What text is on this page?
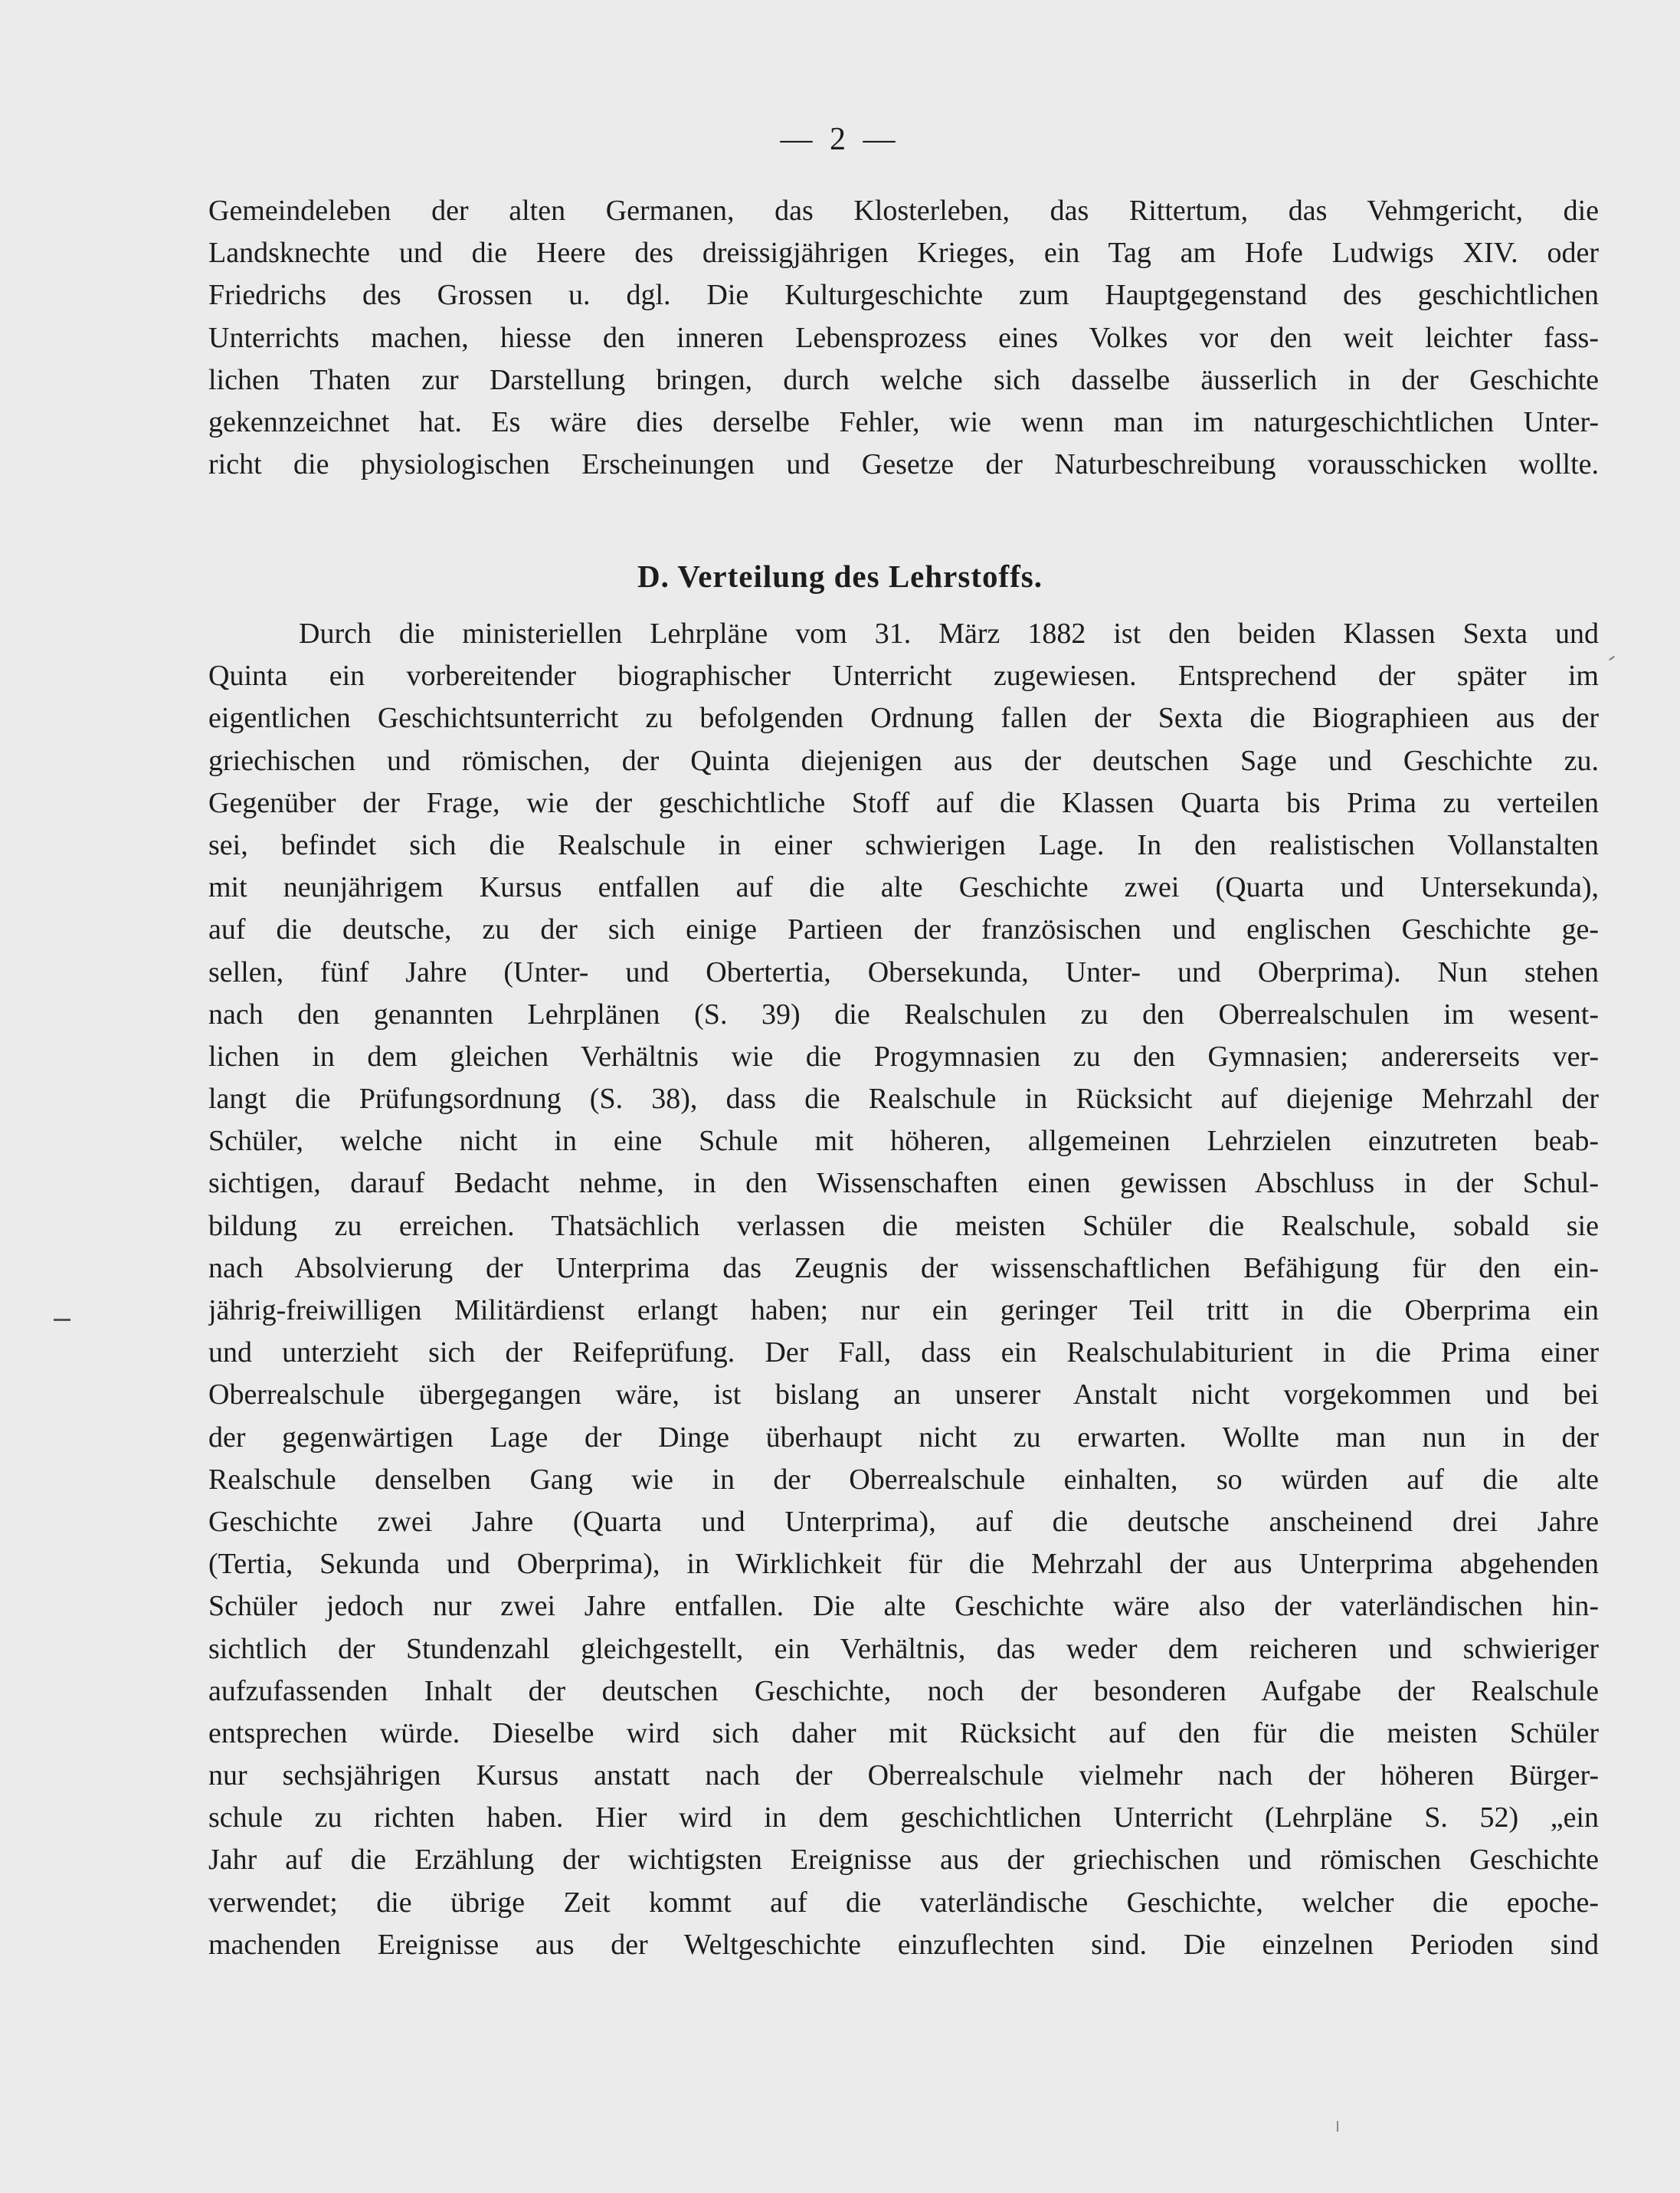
— 2 —
Gemeindeleben der alten Germanen, das Klosterleben, das Rittertum, das Vehmgericht, die
Landsknechte und die Heere des dreissigjährigen Krieges, ein Tag am Hofe Ludwigs XIV. oder
Friedrichs des Grossen u. dgl. Die Kulturgeschichte zum Hauptgegenstand des geschichtlichen
Unterrichts machen, hiesse den inneren Lebensprozess eines Volkes vor den weit leichter fass-
lichen Thaten zur Darstellung bringen, durch welche sich dasselbe äusserlich in der Geschichte
gekennzeichnet hat. Es wäre dies derselbe Fehler, wie wenn man im naturgeschichtlichen Unter-
richt die physiologischen Erscheinungen und Gesetze der Naturbeschreibung vorausschicken wollte.
D. Verteilung des Lehrstoffs.
Durch die ministeriellen Lehrpläne vom 31. März 1882 ist den beiden Klassen Sexta und
Quinta ein vorbereitender biographischer Unterricht zugewiesen. Entsprechend der später im
eigentlichen Geschichtsunterricht zu befolgenden Ordnung fallen der Sexta die Biographieen aus der
griechischen und römischen, der Quinta diejenigen aus der deutschen Sage und Geschichte zu.
Gegenüber der Frage, wie der geschichtliche Stoff auf die Klassen Quarta bis Prima zu verteilen
sei, befindet sich die Realschule in einer schwierigen Lage. In den realistischen Vollanstalten
mit neunjährigem Kursus entfallen auf die alte Geschichte zwei (Quarta und Untersekunda),
auf die deutsche, zu der sich einige Partieen der französischen und englischen Geschichte ge-
sellen, fünf Jahre (Unter- und Obertertia, Obersekunda, Unter- und Oberprima). Nun stehen
nach den genannten Lehrplänen (S. 39) die Realschulen zu den Oberrealschulen im wesent-
lichen in dem gleichen Verhältnis wie die Progymnasien zu den Gymnasien; andererseits ver-
langt die Prüfungsordnung (S. 38), dass die Realschule in Rücksicht auf diejenige Mehrzahl der
Schüler, welche nicht in eine Schule mit höheren, allgemeinen Lehrzielen einzutreten beab-
sichtigen, darauf Bedacht nehme, in den Wissenschaften einen gewissen Abschluss in der Schul-
bildung zu erreichen. Thatsächlich verlassen die meisten Schüler die Realschule, sobald sie
nach Absolvierung der Unterprima das Zeugnis der wissenschaftlichen Befähigung für den ein-
jährig-freiwilligen Militärdienst erlangt haben; nur ein geringer Teil tritt in die Oberprima ein
und unterzieht sich der Reifeprüfung. Der Fall, dass ein Realschulabiturient in die Prima einer
Oberrealschule übergegangen wäre, ist bislang an unserer Anstalt nicht vorgekommen und bei
der gegenwärtigen Lage der Dinge überhaupt nicht zu erwarten. Wollte man nun in der
Realschule denselben Gang wie in der Oberrealschule einhalten, so würden auf die alte
Geschichte zwei Jahre (Quarta und Unterprima), auf die deutsche anscheinend drei Jahre
(Tertia, Sekunda und Oberprima), in Wirklichkeit für die Mehrzahl der aus Unterprima abgehenden
Schüler jedoch nur zwei Jahre entfallen. Die alte Geschichte wäre also der vaterländischen hin-
sichtlich der Stundenzahl gleichgestellt, ein Verhältnis, das weder dem reicheren und schwieriger
aufzufassenden Inhalt der deutschen Geschichte, noch der besonderen Aufgabe der Realschule
entsprechen würde. Dieselbe wird sich daher mit Rücksicht auf den für die meisten Schüler
nur sechsjährigen Kursus anstatt nach der Oberrealschule vielmehr nach der höheren Bürger-
schule zu richten haben. Hier wird in dem geschichtlichen Unterricht (Lehrpläne S. 52) „ein
Jahr auf die Erzählung der wichtigsten Ereignisse aus der griechischen und römischen Geschichte
verwendet; die übrige Zeit kommt auf die vaterländische Geschichte, welcher die epoche-
machenden Ereignisse aus der Weltgeschichte einzuflechten sind. Die einzelnen Perioden sind
